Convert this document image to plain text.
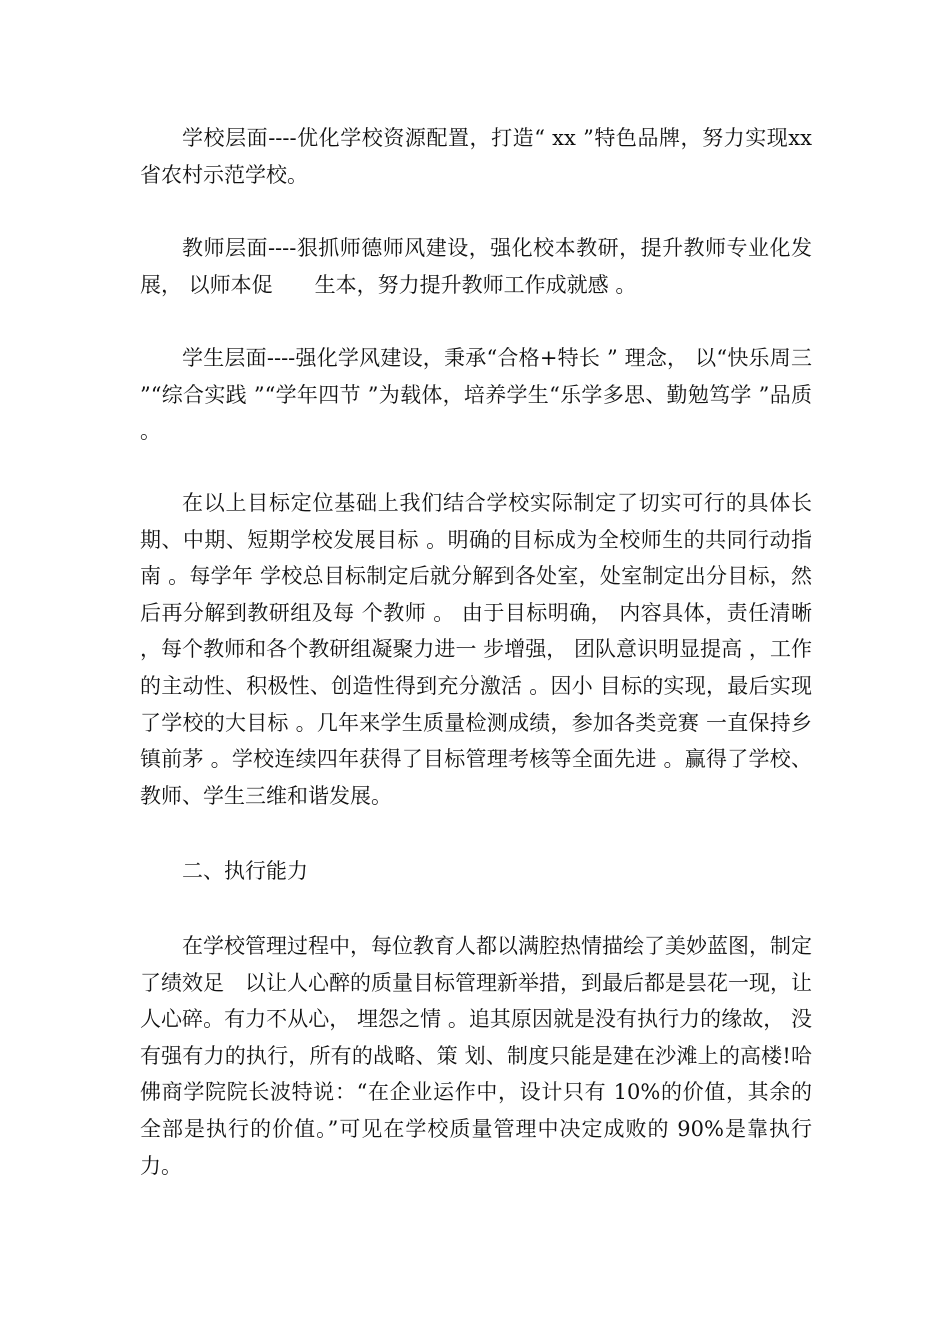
学校层面----优化学校资源配置，打造“ xx ”特色品牌，努力实现xx省农村示范学校。

教师层面----狠抓师德师风建设，强化校本教研，提升教师专业化发展， 以师本促　　生本，努力提升教师工作成就感 。

学生层面----强化学风建设，秉承“合格+特长 ” 理念， 以“快乐周三 ”“综合实践 ”“学年四节 ”为载体，培养学生“乐学多思、勤勉笃学 ”品质 。

在以上目标定位基础上我们结合学校实际制定了切实可行的具体长期、中期、短期学校发展目标 。明确的目标成为全校师生的共同行动指南 。每学年 学校总目标制定后就分解到各处室，处室制定出分目标，然后再分解到教研组及每 个教师 。 由于目标明确， 内容具体，责任清晰 ，每个教师和各个教研组凝聚力进一 步增强， 团队意识明显提高 ，工作的主动性、积极性、创造性得到充分激活 。因小 目标的实现，最后实现了学校的大目标 。几年来学生质量检测成绩，参加各类竞赛 一直保持乡镇前茅 。学校连续四年获得了目标管理考核等全面先进 。赢得了学校、教师、学生三维和谐发展。

二、执行能力

在学校管理过程中，每位教育人都以满腔热情描绘了美妙蓝图，制定了绩效足　以让人心醉的质量目标管理新举措，到最后都是昙花一现，让人心碎。有力不从心， 埋怨之情 。追其原因就是没有执行力的缘故， 没有强有力的执行，所有的战略、策 划、制度只能是建在沙滩上的高楼!哈佛商学院院长波特说：“在企业运作中，设计只有 10%的价值，其余的全部是执行的价值。”可见在学校质量管理中决定成败的 90%是靠执行力。
